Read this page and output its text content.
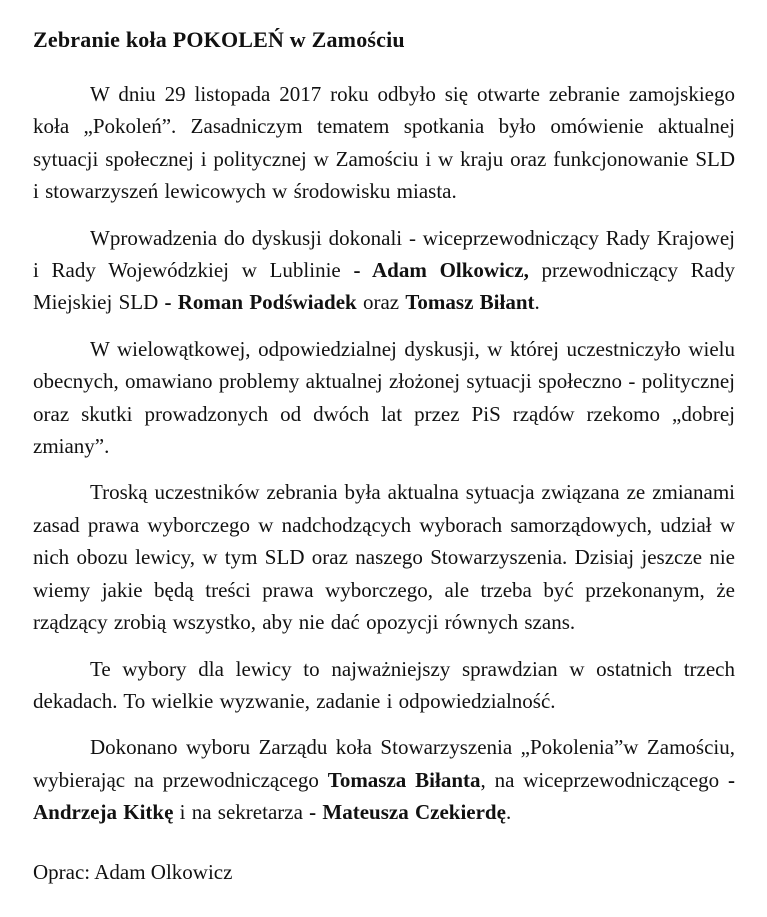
Zebranie koła POKOLEŃ w Zamościu

W dniu 29 listopada 2017 roku odbyło się otwarte zebranie zamojskiego koła „Pokoleń”. Zasadniczym tematem spotkania było omówienie aktualnej sytuacji społecznej i politycznej w Zamościu i w kraju oraz funkcjonowanie SLD i stowarzyszeń lewicowych w środowisku miasta.

Wprowadzenia do dyskusji dokonali - wiceprzewodniczący Rady Krajowej i Rady Wojewódzkiej w Lublinie - Adam Olkowicz, przewodniczący Rady Miejskiej SLD - Roman Podświadek oraz Tomasz Biłant.

W wielowątkowej, odpowiedzialnej dyskusji, w której uczestniczyło wielu obecnych, omawiano problemy aktualnej złożonej sytuacji społeczno - politycznej oraz skutki prowadzonych od dwóch lat przez PiS rządów rzekomo „dobrej zmiany”.

Troską uczestników zebrania była aktualna sytuacja związana ze zmianami zasad prawa wyborczego w nadchodzących wyborach samorządowych, udział w nich obozu lewicy, w tym SLD oraz naszego Stowarzyszenia. Dzisiaj jeszcze nie wiemy jakie będą treści prawa wyborczego, ale trzeba być przekonanym, że rządzący zrobią wszystko, aby nie dać opozycji równych szans.

Te wybory dla lewicy to najważniejszy sprawdzian w ostatnich trzech dekadach. To wielkie wyzwanie, zadanie i odpowiedzialność.

Dokonano wyboru Zarządu koła Stowarzyszenia „Pokolenia”w Zamościu, wybierając na przewodniczącego Tomasza Biłanta, na wiceprzewodniczącego - Andrzeja Kitkę i na sekretarza - Mateusza Czekierdę.

Oprac: Adam Olkowicz
